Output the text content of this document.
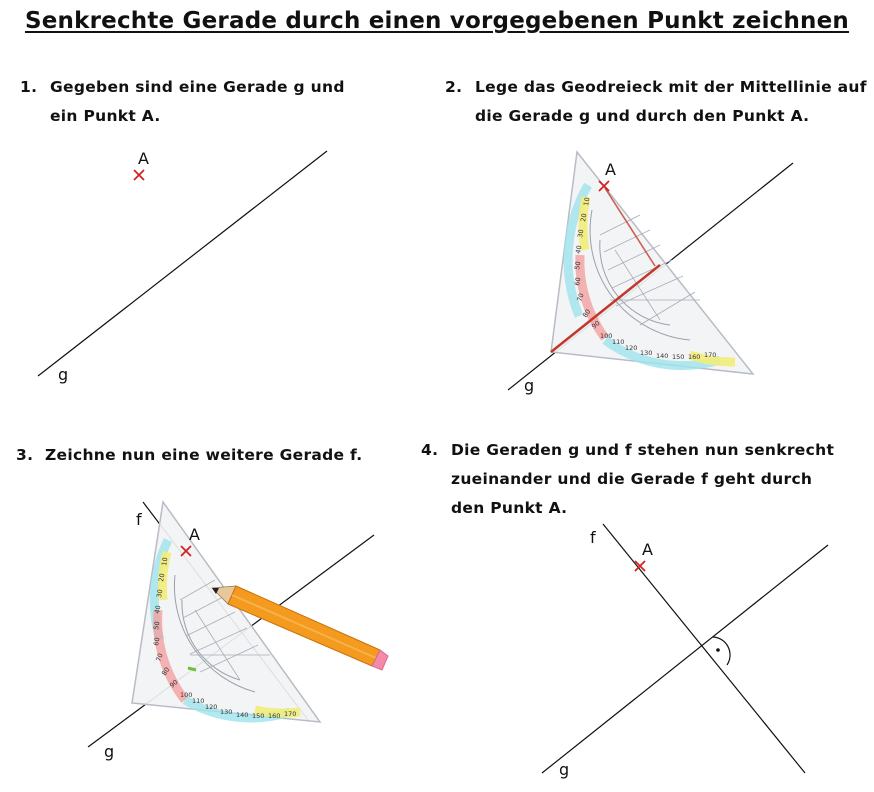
Senkrechte Gerade durch einen vorgegebenen Punkt zeichnen
1. Gegeben sind eine Gerade g und
ein Punkt A.
2. Lege das Geodreieck mit der Mittellinie auf
die Gerade g und durch den Punkt A.
3. Zeichne nun eine weitere Gerade f.	4. Die Geraden g und f stehen nun senkrecht
zueinander und die Gerade f geht durch
den Punkt A.
A
g
10
20
30
40
50
60
70
80
90
100
110
120
130 140 150 160 170
A
g
10
20
30
40
50
60
70
80
90
100
110
120
130 140 150 160 170
A
f
g
A
f
g
